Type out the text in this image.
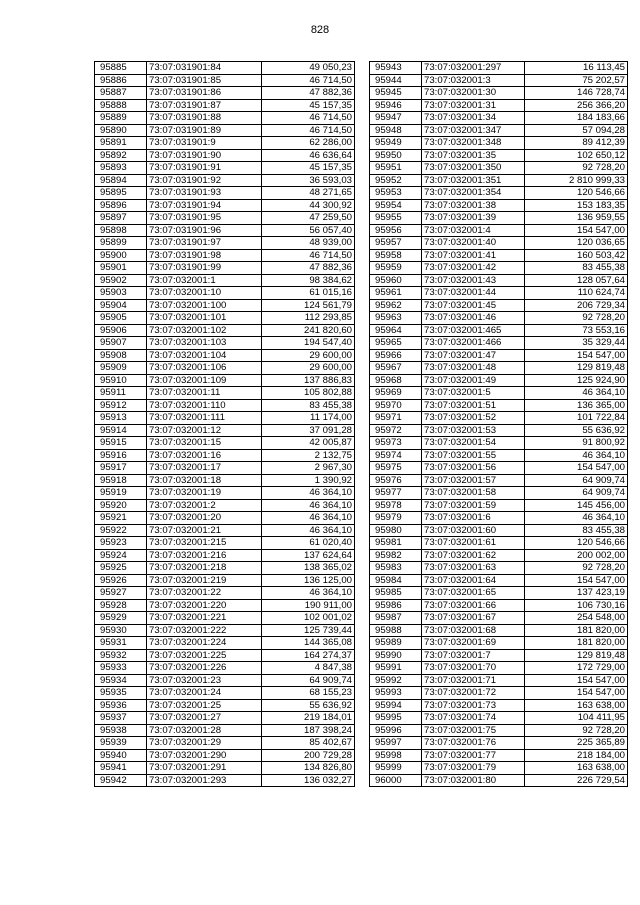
828
95885	73:07:031901:84	49 050,23
95886	73:07:031901:85	46 714,50
95887	73:07:031901:86	47 882,36
95888	73:07:031901:87	45 157,35
95889	73:07:031901:88	46 714,50
95890	73:07:031901:89	46 714,50
95891	73:07:031901:9	62 286,00
95892	73:07:031901:90	46 636,64
95893	73:07:031901:91	45 157,35
95894	73:07:031901:92	36 593,03
95895	73:07:031901:93	48 271,65
95896	73:07:031901:94	44 300,92
95897	73:07:031901:95	47 259,50
95898	73:07:031901:96	56 057,40
95899	73:07:031901:97	48 939,00
95900	73:07:031901:98	46 714,50
95901	73:07:031901:99	47 882,36
95902	73:07:032001:1	98 384,62
95903	73:07:032001:10	61 015,16
95904	73:07:032001:100	124 561,79
95905	73:07:032001:101	112 293,85
95906	73:07:032001:102	241 820,60
95907	73:07:032001:103	194 547,40
95908	73:07:032001:104	29 600,00
95909	73:07:032001:106	29 600,00
95910	73:07:032001:109	137 886,83
95911	73:07:032001:11	105 802,88
95912	73:07:032001:110	83 455,38
95913	73:07:032001:111	11 174,00
95914	73:07:032001:12	37 091,28
95915	73:07:032001:15	42 005,87
95916	73:07:032001:16	2 132,75
95917	73:07:032001:17	2 967,30
95918	73:07:032001:18	1 390,92
95919	73:07:032001:19	46 364,10
95920	73:07:032001:2	46 364,10
95921	73:07:032001:20	46 364,10
95922	73:07:032001:21	46 364,10
95923	73:07:032001:215	61 020,40
95924	73:07:032001:216	137 624,64
95925	73:07:032001:218	138 365,02
95926	73:07:032001:219	136 125,00
95927	73:07:032001:22	46 364,10
95928	73:07:032001:220	190 911,00
95929	73:07:032001:221	102 001,02
95930	73:07:032001:222	125 739,44
95931	73:07:032001:224	144 365,08
95932	73:07:032001:225	164 274,37
95933	73:07:032001:226	4 847,38
95934	73:07:032001:23	64 909,74
95935	73:07:032001:24	68 155,23
95936	73:07:032001:25	55 636,92
95937	73:07:032001:27	219 184,01
95938	73:07:032001:28	187 398,24
95939	73:07:032001:29	85 402,67
95940	73:07:032001:290	200 729,28
95941	73:07:032001:291	134 826,80
95942	73:07:032001:293	136 032,27
95943	73:07:032001:297	16 113,45
95944	73:07:032001:3	75 202,57
95945	73:07:032001:30	146 728,74
95946	73:07:032001:31	256 366,20
95947	73:07:032001:34	184 183,66
95948	73:07:032001:347	57 094,28
95949	73:07:032001:348	89 412,39
95950	73:07:032001:35	102 650,12
95951	73:07:032001:350	92 728,20
95952	73:07:032001:351	2 810 999,33
95953	73:07:032001:354	120 546,66
95954	73:07:032001:38	153 183,35
95955	73:07:032001:39	136 959,55
95956	73:07:032001:4	154 547,00
95957	73:07:032001:40	120 036,65
95958	73:07:032001:41	160 503,42
95959	73:07:032001:42	83 455,38
95960	73:07:032001:43	128 057,64
95961	73:07:032001:44	110 624,74
95962	73:07:032001:45	206 729,34
95963	73:07:032001:46	92 728,20
95964	73:07:032001:465	73 553,16
95965	73:07:032001:466	35 329,44
95966	73:07:032001:47	154 547,00
95967	73:07:032001:48	129 819,48
95968	73:07:032001:49	125 924,90
95969	73:07:032001:5	46 364,10
95970	73:07:032001:51	136 365,00
95971	73:07:032001:52	101 722,84
95972	73:07:032001:53	55 636,92
95973	73:07:032001:54	91 800,92
95974	73:07:032001:55	46 364,10
95975	73:07:032001:56	154 547,00
95976	73:07:032001:57	64 909,74
95977	73:07:032001:58	64 909,74
95978	73:07:032001:59	145 456,00
95979	73:07:032001:6	46 364,10
95980	73:07:032001:60	83 455,38
95981	73:07:032001:61	120 546,66
95982	73:07:032001:62	200 002,00
95983	73:07:032001:63	92 728,20
95984	73:07:032001:64	154 547,00
95985	73:07:032001:65	137 423,19
95986	73:07:032001:66	106 730,16
95987	73:07:032001:67	254 548,00
95988	73:07:032001:68	181 820,00
95989	73:07:032001:69	181 820,00
95990	73:07:032001:7	129 819,48
95991	73:07:032001:70	172 729,00
95992	73:07:032001:71	154 547,00
95993	73:07:032001:72	154 547,00
95994	73:07:032001:73	163 638,00
95995	73:07:032001:74	104 411,95
95996	73:07:032001:75	92 728,20
95997	73:07:032001:76	225 365,89
95998	73:07:032001:77	218 184,00
95999	73:07:032001:79	163 638,00
96000	73:07:032001:80	226 729,54
